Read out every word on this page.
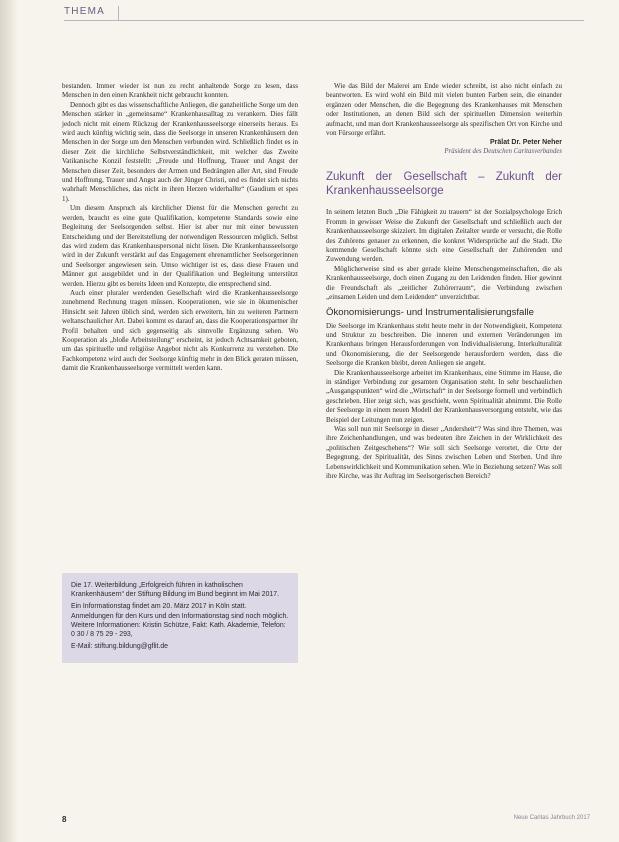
THEMA

bestanden. Immer wieder ist nun zu recht anhaltende Sorge zu lesen, dass Menschen in den einen Krankheit nicht gebraucht konnten.

Dennoch gibt es das wissenschaftliche Anliegen, die ganzheitliche Sorge um den Menschen stärker in „gemeinsame“ Krankenhausalltag zu verankern. Dies fällt jedoch nicht mit einem Rückzug der Krankenhausseelsorge einerseits heraus. Es wird auch künftig wichtig sein, dass die Seelsorge in unseren Krankenhäusern den Menschen in der Sorge um den Menschen verbunden wird. Schließlich findet es in dieser Zeit die kirchliche Selbstverständlichkeit, mit welcher das Zweite Vatikanische Konzil feststellt: „Freude und Hoffnung, Trauer und Angst der Menschen dieser Zeit, besonders der Armen und Bedrängten aller Art, sind Freude und Hoffnung, Trauer und Angst auch der Jünger Christi, und es findet sich nichts wahrhaft Menschliches, das nicht in ihren Herzen widerhallte“ (Gaudium et spes 1).

Um diesem Anspruch als kirchlicher Dienst für die Menschen gerecht zu werden, braucht es eine gute Qualifikation, kompetente Standards sowie eine Begleitung der Seelsorgenden selbst. Hier ist aber nur mit einer bewussten Entscheidung und der Bereitstellung der notwendigen Ressourcen möglich. Selbst das wird zudem das Krankenhauspersonal nicht lösen. Die Krankenhausseelsorge wird in der Zukunft verstärkt auf das Engagement ehrenamtlicher Seelsorgerinnen und Seelsorger angewiesen sein. Umso wichtiger ist es, dass diese Frauen und Männer gut ausgebildet und in der Qualifikation und Begleitung unterstützt werden. Hierzu gibt es bereits Ideen und Konzepte, die entsprechend sind.

Auch einer pluraler werdenden Gesellschaft wird die Krankenhausseelsorge zunehmend Rechnung tragen müssen. Kooperationen, wie sie in ökumenischer Hinsicht seit Jahren üblich sind, werden sich erweitern, hin zu weiteren Partnern weltanschaulicher Art. Dabei kommt es darauf an, dass die Kooperationspartner ihr Profil behalten und sich gegenseitig als sinnvolle Ergänzung sehen. Wo Kooperation als „bloße Arbeitsteilung“ erscheint, ist jedoch Achtsamkeit geboten, um das spirituelle und religiöse Angebot nicht als Konkurrenz zu verstehen. Die Fachkompetenz wird auch der Seelsorge künftig mehr in den Blick geraten müssen, damit die Krankenhausseelsorge vermittelt werden kann.

Die 17. Weiterbildung „Erfolgreich führen in katholischen Krankenhäusern“ der Stiftung Bildung im Bund beginnt im Mai 2017.

Ein Informationstag findet am 20. März 2017 in Köln statt. Anmeldungen für den Kurs und den Informationstag sind noch möglich. Weitere Informationen: Kristin Schütze, Fakt: Kath. Akademie, Telefon: 0 30 / 8 75 29 - 293,

E-Mail: stiftung.bildung@gflit.de

Wie das Bild der Malerei am Ende wieder schreibt, ist also nicht einfach zu beantworten. Es wird wohl ein Bild mit vielen bunten Farben sein, die einander ergänzen oder Menschen, die die Begegnung des Krankenhauses mit Menschen oder Institutionen, an denen Bild sich der spirituellen Dimension weiterhin aufmacht, und man dort Krankenhausseelsorge als spezifischen Ort von Kirche und von Fürsorge erfährt.

Prälat Dr. Peter Neher
Präsident des Deutschen Caritasverbandes
Zukunft der Gesellschaft – Zukunft der Krankenhausseelsorge

In seinem letzten Buch „Die Fähigkeit zu trauern“ ist der Sozialpsychologe Erich Fromm in gewisser Weise die Zukunft der Gesellschaft und schließlich auch der Krankenhausseelsorge skizziert. Im digitalen Zeitalter wurde er versucht, die Rolle des Zuhörens genauer zu erkennen, die konkret Widersprüche auf die Stadt. Die kommende Gesellschaft könnte sich eine Gesellschaft der Zuhörenden und Zuwendung werden.

Möglicherweise sind es aber gerade kleine Menschengemeinschaften, die als Krankenhausseelsorge, doch einen Zugang zu den Leidenden finden. Hier gewinnt die Freundschaft als „zeitlicher Zuhörerraum“, die Verbindung zwischen „einsamen Leiden und dem Leidenden“ unverzichtbar.

Ökonomisierungs- und Instrumentalisierungsfalle

Die Seelsorge im Krankenhaus steht heute mehr in der Notwendigkeit, Kompetenz und Struktur zu beschreiben. Die inneren und externen Veränderungen im Krankenhaus bringen Herausforderungen von Individualisierung, Interkulturalität und Ökonomisierung, die der Seelsorgende herausfordern werden, dass die Seelsorge die Kranken bleibt, deren Anliegen sie angeht.

Die Krankenhausseelsorge arbeitet im Krankenhaus, eine Stimme im Hause, die in ständiger Verbindung zur gesamten Organisation steht. In sehr beschaulichen „Ausgangspunkten“ wird die „Wirtschaft“ in der Seelsorge formell und verbindlich geschrieben. Hier zeigt sich, was geschieht, wenn Spiritualität abnimmt. Die Rolle der Seelsorge in einem neuen Modell der Krankenhausversorgung entsteht, wie das Beispiel der Leitungen nun zeigen.

Was soll nun mit Seelsorge in dieser „Andersheit“? Was sind ihre Themen, was ihre Zeichenhandlungen, und was bedeuten ihre Zeichen in der Wirklichkeit des „politischen Zeitgeschehens“? Wie soll sich Seelsorge verortet, die Orte der Begegnung, der Spiritualität, des Sinns zwischen Leben und Sterben. Und ihre Lebenswirklichkeit und Kommunikation sehen. Wie in Beziehung setzen? Was soll ihre Kirche, was ihr Auftrag im Seelsorgerischen Bereich?

8	Neue Caritas Jahrbuch 2017
